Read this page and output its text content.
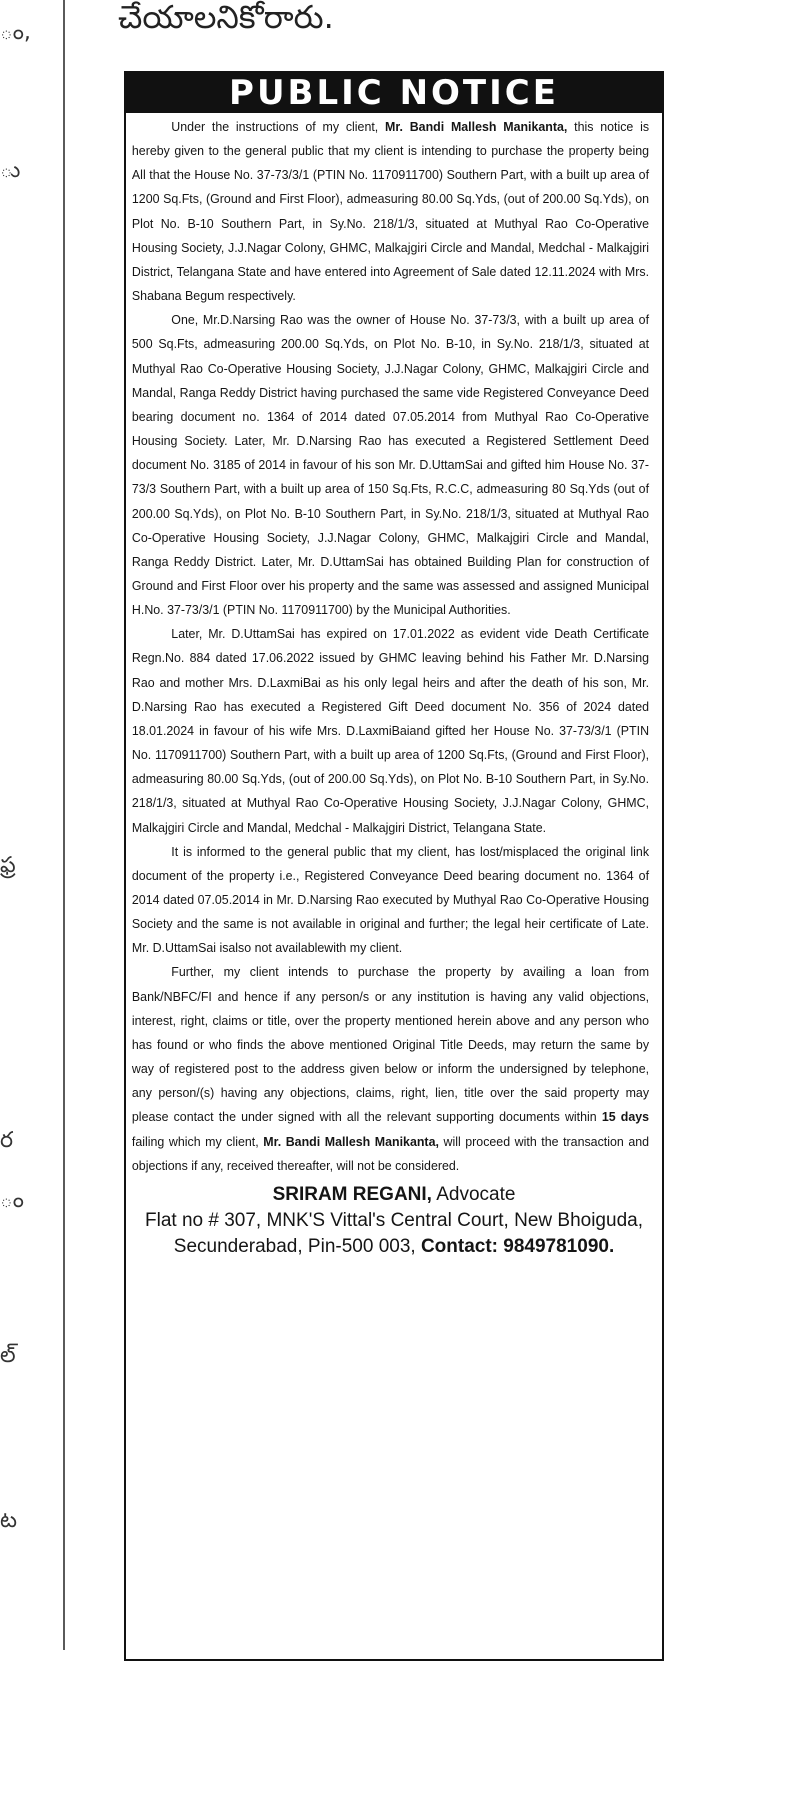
ం,
ు
ఫ్ర
ర
ం
ల్
ట
చేయాలనికోరారు.
PUBLIC NOTICE

Under the instructions of my client, Mr. Bandi Mallesh Manikanta, this notice is hereby given to the general public that my client is intending to purchase the property being All that the House No. 37-73/3/1 (PTIN No. 1170911700) Southern Part, with a built up area of 1200 Sq.Fts, (Ground and First Floor), admeasuring 80.00 Sq.Yds, (out of 200.00 Sq.Yds), on Plot No. B-10 Southern Part, in Sy.No. 218/1/3, situated at Muthyal Rao Co-Operative Housing Society, J.J.Nagar Colony, GHMC, Malkajgiri Circle and Mandal, Medchal - Malkajgiri District, Telangana State and have entered into Agreement of Sale dated 12.11.2024 with Mrs. Shabana Begum respectively.

One, Mr.D.Narsing Rao was the owner of House No. 37-73/3, with a built up area of 500 Sq.Fts, admeasuring 200.00 Sq.Yds, on Plot No. B-10, in Sy.No. 218/1/3, situated at Muthyal Rao Co-Operative Housing Society, J.J.Nagar Colony, GHMC, Malkajgiri Circle and Mandal, Ranga Reddy District having purchased the same vide Registered Conveyance Deed bearing document no. 1364 of 2014 dated 07.05.2014 from Muthyal Rao Co-Operative Housing Society. Later, Mr. D.Narsing Rao has executed a Registered Settlement Deed document No. 3185 of 2014 in favour of his son Mr. D.UttamSai and gifted him House No. 37-73/3 Southern Part, with a built up area of 150 Sq.Fts, R.C.C, admeasuring 80 Sq.Yds (out of 200.00 Sq.Yds), on Plot No. B-10 Southern Part, in Sy.No. 218/1/3, situated at Muthyal Rao Co-Operative Housing Society, J.J.Nagar Colony, GHMC, Malkajgiri Circle and Mandal, Ranga Reddy District. Later, Mr. D.UttamSai has obtained Building Plan for construction of Ground and First Floor over his property and the same was assessed and assigned Municipal H.No. 37-73/3/1 (PTIN No. 1170911700) by the Municipal Authorities.

Later, Mr. D.UttamSai has expired on 17.01.2022 as evident vide Death Certificate Regn.No. 884 dated 17.06.2022 issued by GHMC leaving behind his Father Mr. D.Narsing Rao and mother Mrs. D.LaxmiBai as his only legal heirs and after the death of his son, Mr. D.Narsing Rao has executed a Registered Gift Deed document No. 356 of 2024 dated 18.01.2024 in favour of his wife Mrs. D.LaxmiBaiand gifted her House No. 37-73/3/1 (PTIN No. 1170911700) Southern Part, with a built up area of 1200 Sq.Fts, (Ground and First Floor), admeasuring 80.00 Sq.Yds, (out of 200.00 Sq.Yds), on Plot No. B-10 Southern Part, in Sy.No. 218/1/3, situated at Muthyal Rao Co-Operative Housing Society, J.J.Nagar Colony, GHMC, Malkajgiri Circle and Mandal, Medchal - Malkajgiri District, Telangana State.

It is informed to the general public that my client, has lost/misplaced the original link document of the property i.e., Registered Conveyance Deed bearing document no. 1364 of 2014 dated 07.05.2014 in Mr. D.Narsing Rao executed by Muthyal Rao Co-Operative Housing Society and the same is not available in original and further; the legal heir certificate of Late. Mr. D.UttamSai isalso not availablewith my client.

Further, my client intends to purchase the property by availing a loan from Bank/NBFC/FI and hence if any person/s or any institution is having any valid objections, interest, right, claims or title, over the property mentioned herein above and any person who has found or who finds the above mentioned Original Title Deeds, may return the same by way of registered post to the address given below or inform the undersigned by telephone, any person/(s) having any objections, claims, right, lien, title over the said property may please contact the under signed with all the relevant supporting documents within 15 days failing which my client, Mr. Bandi Mallesh Manikanta, will proceed with the transaction and objections if any, received thereafter, will not be considered.

SRIRAM REGANI, Advocate
Flat no # 307, MNK'S Vittal's Central Court, New Bhoiguda,
Secunderabad, Pin-500 003, Contact: 9849781090.
